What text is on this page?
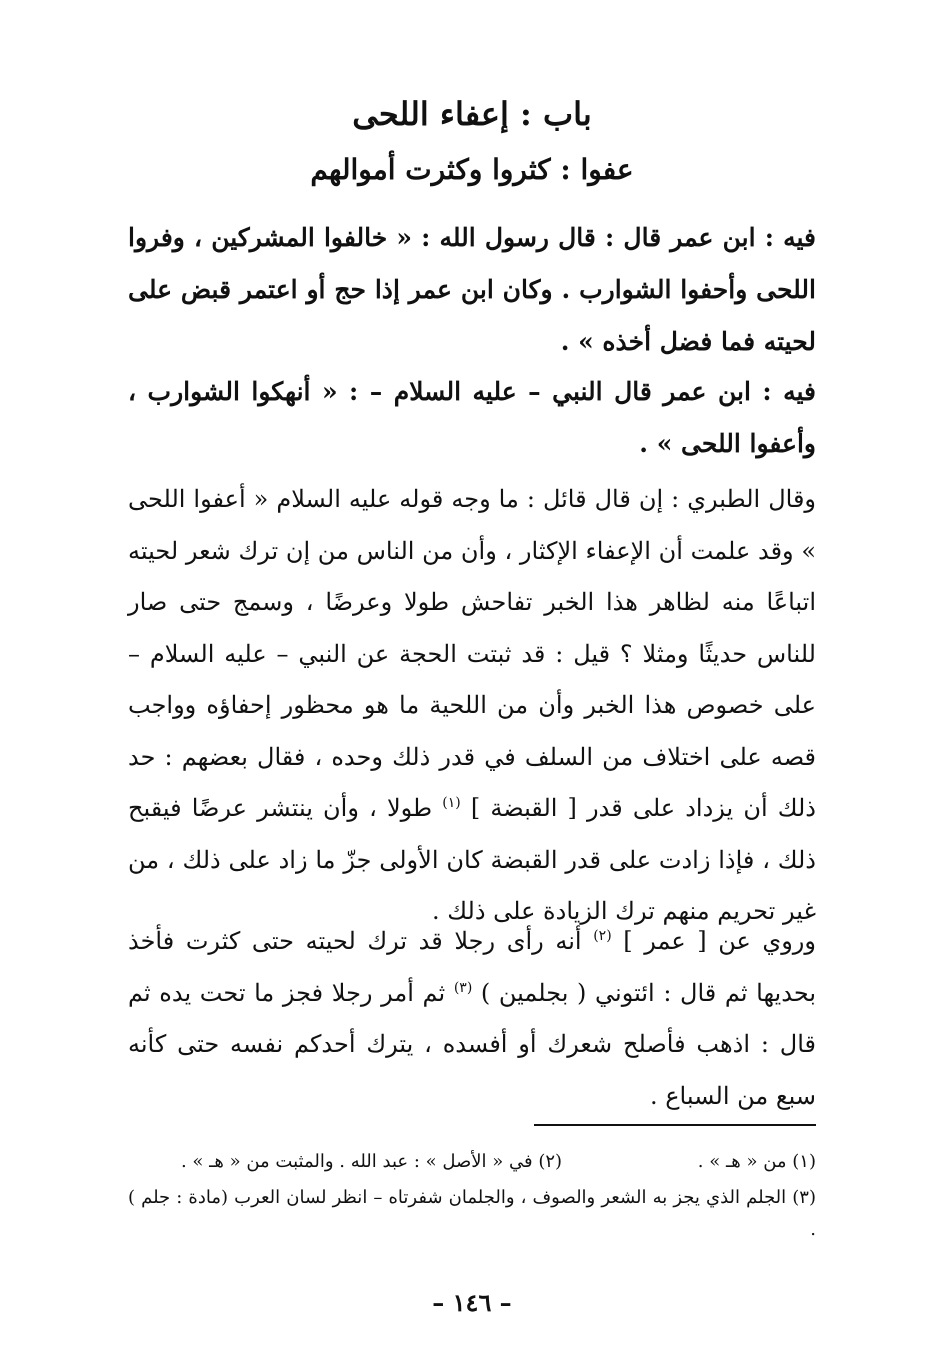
باب : إعفاء اللحى
عفوا : كثروا وكثرت أموالهم
فيه : ابن عمر قال : قال رسول الله : « خالفوا المشركين ، وفروا اللحى وأحفوا الشوارب . وكان ابن عمر إذا حج أو اعتمر قبض على لحيته فما فضل أخذه » .
فيه : ابن عمر قال النبي – عليه السلام – : « أنهكوا الشوارب ، وأعفوا اللحى » .
وقال الطبري : إن قال قائل : ما وجه قوله عليه السلام « أعفوا اللحى » وقد علمت أن الإعفاء الإكثار ، وأن من الناس من إن ترك شعر لحيته اتباعًا منه لظاهر هذا الخبر تفاحش طولا وعرضًا ، وسمج حتى صار للناس حديثًا ومثلا ؟ قيل : قد ثبتت الحجة عن النبي – عليه السلام – على خصوص هذا الخبر وأن من اللحية ما هو محظور إحفاؤه وواجب قصه على اختلاف من السلف في قدر ذلك وحده ، فقال بعضهم : حد ذلك أن يزداد على قدر [ القبضة ] $^{(١)}$ طولا ، وأن ينتشر عرضًا فيقبح ذلك ، فإذا زادت على قدر القبضة كان الأولى جزّ ما زاد على ذلك ، من غير تحريم منهم ترك الزيادة على ذلك .
وروي عن [ عمر ] $^{(٢)}$ أنه رأى رجلا قد ترك لحيته حتى كثرت فأخذ بحديها ثم قال : ائتوني ( بجلمين ) $^{(٣)}$ ثم أمر رجلا فجز ما تحت يده ثم قال : اذهب فأصلح شعرك أو أفسده ، يترك أحدكم نفسه حتى كأنه سبع من السباع .
(١) من « هـ » . (٢) في « الأصل » : عبد الله . والمثبت من « هـ » .
(٣) الجلم الذي يجز به الشعر والصوف ، والجلمان شفرتاه – انظر لسان العرب (مادة : جلم ) .
– ١٤٦ –
